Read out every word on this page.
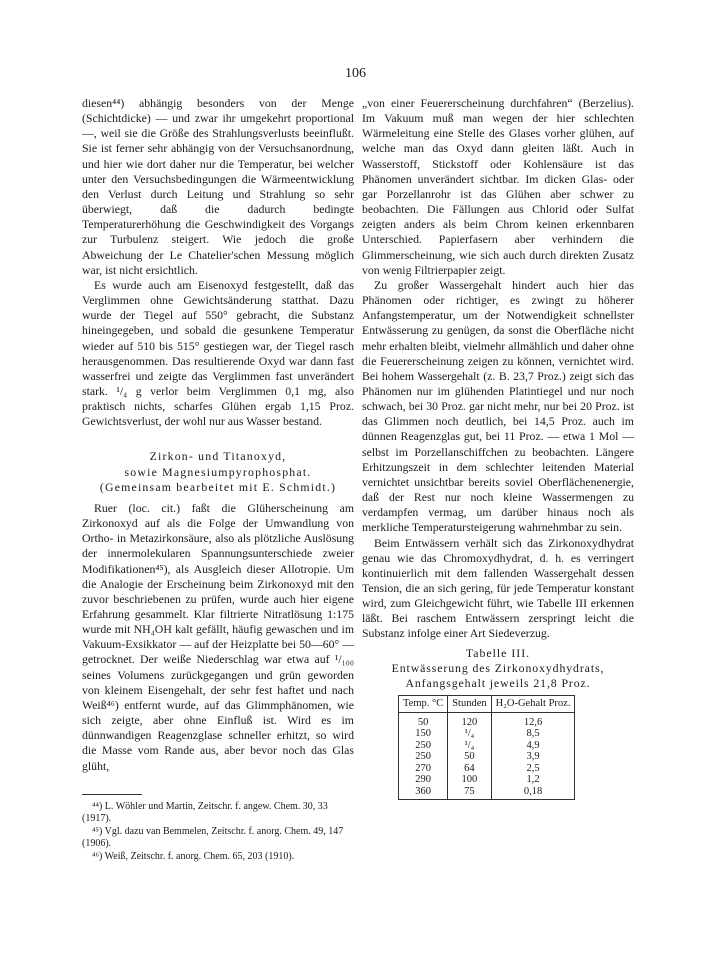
106

diesen⁴⁴) abhängig besonders von der Menge (Schichtdicke) — und zwar ihr umgekehrt proportional —, weil sie die Größe des Strahlungsverlusts beeinflußt. Sie ist ferner sehr abhängig von der Versuchsanordnung, und hier wie dort daher nur die Temperatur, bei welcher unter den Versuchsbedingungen die Wärmeentwicklung den Verlust durch Leitung und Strahlung so sehr überwiegt, daß die dadurch bedingte Temperaturerhöhung die Geschwindigkeit des Vorgangs zur Turbulenz steigert. Wie jedoch die große Abweichung der Le Chatelier'schen Messung möglich war, ist nicht ersichtlich.

Es wurde auch am Eisenoxyd festgestellt, daß das Verglimmen ohne Gewichtsänderung statthat. Dazu wurde der Tiegel auf 550° gebracht, die Substanz hineingegeben, und sobald die gesunkene Temperatur wieder auf 510 bis 515° gestiegen war, der Tiegel rasch herausgenommen. Das resultierende Oxyd war dann fast wasserfrei und zeigte das Verglimmen fast unverändert stark. ¹/₄ g verlor beim Verglimmen 0,1 mg, also praktisch nichts, scharfes Glühen ergab 1,15 Proz. Gewichtsverlust, der wohl nur aus Wasser bestand.

Zirkon- und Titanoxyd,
sowie Magnesiumpyrophosphat.
(Gemeinsam bearbeitet mit E. Schmidt.)

Ruer (loc. cit.) faßt die Glüherscheinung am Zirkonoxyd auf als die Folge der Umwandlung von Ortho- in Metazirkonsäure, also als plötzliche Auslösung der innermolekularen Spannungsunterschiede zweier Modifikationen⁴⁵), als Ausgleich dieser Allotropie. Um die Analogie der Erscheinung beim Zirkonoxyd mit den zuvor beschriebenen zu prüfen, wurde auch hier eigene Erfahrung gesammelt. Klar filtrierte Nitratlösung 1:175 wurde mit NH₄OH kalt gefällt, häufig gewaschen und im Vakuum-Exsikkator — auf der Heizplatte bei 50—60° — getrocknet. Der weiße Niederschlag war etwa auf ¹/₁₀₀ seines Volumens zurückgegangen und grün geworden von kleinem Eisengehalt, der sehr fest haftet und nach Weiß⁴⁶) entfernt wurde, auf das Glimmphänomen, wie sich zeigte, aber ohne Einfluß ist. Wird es im dünnwandigen Reagenzglase schneller erhitzt, so wird die Masse vom Rande aus, aber bevor noch das Glas glüht,

⁴⁴) L. Wöhler und Martin, Zeitschr. f. angew. Chem. 30, 33 (1917).

⁴⁵) Vgl. dazu van Bemmelen, Zeitschr. f. anorg. Chem. 49, 147 (1906).

⁴⁶) Weiß, Zeitschr. f. anorg. Chem. 65, 203 (1910).

„von einer Feuererscheinung durchfahren“ (Berzelius). Im Vakuum muß man wegen der hier schlechten Wärmeleitung eine Stelle des Glases vorher glühen, auf welche man das Oxyd dann gleiten läßt. Auch in Wasserstoff, Stickstoff oder Kohlensäure ist das Phänomen unverändert sichtbar. Im dicken Glas- oder gar Porzellanrohr ist das Glühen aber schwer zu beobachten. Die Fällungen aus Chlorid oder Sulfat zeigten anders als beim Chrom keinen erkennbaren Unterschied. Papierfasern aber verhindern die Glimmerscheinung, wie sich auch durch direkten Zusatz von wenig Filtrierpapier zeigt.

Zu großer Wassergehalt hindert auch hier das Phänomen oder richtiger, es zwingt zu höherer Anfangstemperatur, um der Notwendigkeit schnellster Entwässerung zu genügen, da sonst die Oberfläche nicht mehr erhalten bleibt, vielmehr allmählich und daher ohne die Feuererscheinung zeigen zu können, vernichtet wird. Bei hohem Wassergehalt (z. B. 23,7 Proz.) zeigt sich das Phänomen nur im glühenden Platintiegel und nur noch schwach, bei 30 Proz. gar nicht mehr, nur bei 20 Proz. ist das Glimmen noch deutlich, bei 14,5 Proz. auch im dünnen Reagenzglas gut, bei 11 Proz. — etwa 1 Mol — selbst im Porzellanschiffchen zu beobachten. Längere Erhitzungszeit in dem schlechter leitenden Material vernichtet unsichtbar bereits soviel Oberflächenenergie, daß der Rest nur noch kleine Wassermengen zu verdampfen vermag, um darüber hinaus noch als merkliche Temperatursteigerung wahrnehmbar zu sein.

Beim Entwässern verhält sich das Zirkonoxydhydrat genau wie das Chromoxydhydrat, d. h. es verringert kontinuierlich mit dem fallenden Wassergehalt dessen Tension, die an sich gering, für jede Temperatur konstant wird, zum Gleichgewicht führt, wie Tabelle III erkennen läßt. Bei raschem Entwässern zerspringt leicht die Substanz infolge einer Art Siedeverzug.

Tabelle III.
Entwässerung des Zirkonoxydhydrats,
Anfangsgehalt jeweils 21,8 Proz.
Temp. °C	Stunden	H₂O-Gehalt Proz.
50	120	12,6
150	¹/₄	8,5
250	¹/₄	4,9
250	50	3,9
270	64	2,5
290	100	1,2
360	75	0,18
